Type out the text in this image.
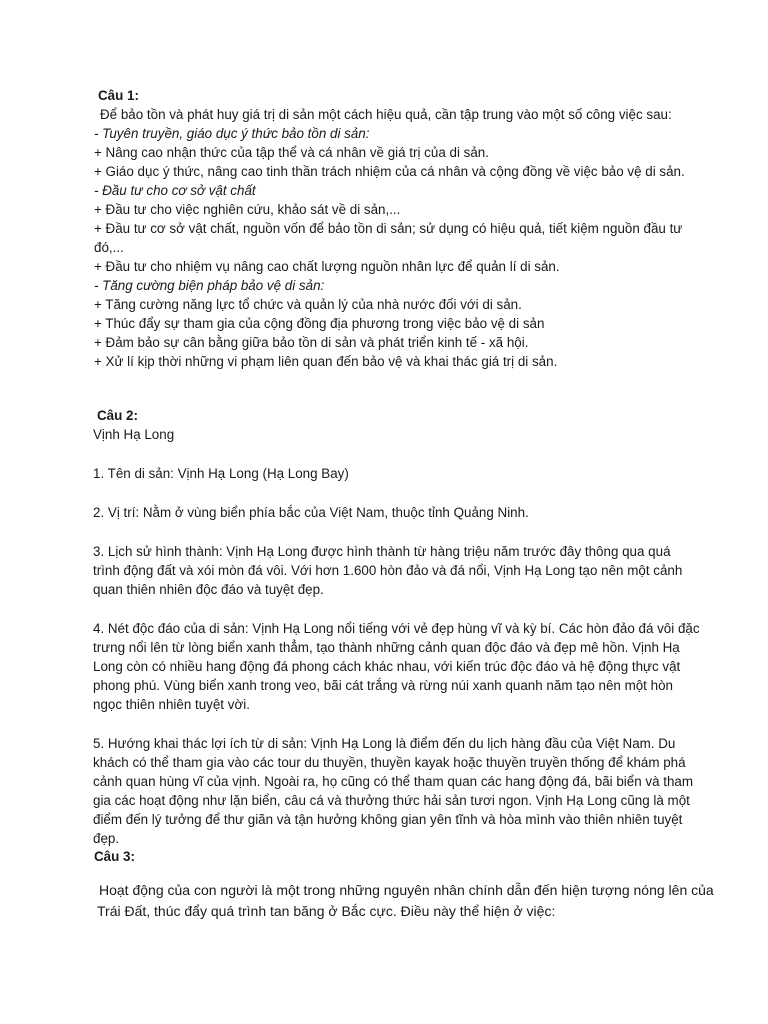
Câu 1:
Để bảo tồn và phát huy giá trị di sản một cách hiệu quả, cần tập trung vào một số công việc sau:
- Tuyên truyền, giáo dục ý thức bảo tồn di sản:
+ Nâng cao nhận thức của tập thể và cá nhân về giá trị của di sản.
+ Giáo dục ý thức, nâng cao tinh thần trách nhiệm của cá nhân và cộng đồng về việc bảo vệ di sản.
- Đầu tư cho cơ sở vật chất
+ Đầu tư cho việc nghiên cứu, khảo sát về di sản,...
+ Đầu tư cơ sở vật chất, nguồn vốn để bảo tồn di sản; sử dụng có hiệu quả, tiết kiệm nguồn đầu tư
đó,...
+ Đầu tư cho nhiệm vụ nâng cao chất lượng nguồn nhân lực để quản lí di sản.
- Tăng cường biện pháp bảo vệ di sản:
+ Tăng cường năng lực tổ chức và quản lý của nhà nước đối với di sản.
+ Thúc đẩy sự tham gia của cộng đồng địa phương trong việc bảo vệ di sản
+ Đảm bảo sự cân bằng giữa bảo tồn di sản và phát triển kinh tế - xã hội.
+ Xử lí kịp thời những vi phạm liên quan đến bảo vệ và khai thác giá trị di sản.
Câu 2:
Vịnh Hạ Long
1. Tên di sản: Vịnh Hạ Long (Hạ Long Bay)
2. Vị trí: Nằm ở vùng biển phía bắc của Việt Nam, thuộc tỉnh Quảng Ninh.
3. Lịch sử hình thành: Vịnh Hạ Long được hình thành từ hàng triệu năm trước đây thông qua quá
trình động đất và xói mòn đá vôi. Với hơn 1.600 hòn đảo và đá nổi, Vịnh Hạ Long tạo nên một cảnh
quan thiên nhiên độc đáo và tuyệt đẹp.
4. Nét độc đáo của di sản: Vịnh Hạ Long nổi tiếng với vẻ đẹp hùng vĩ và kỳ bí. Các hòn đảo đá vôi đặc
trưng nổi lên từ lòng biển xanh thẳm, tạo thành những cảnh quan độc đáo và đẹp mê hồn. Vịnh Hạ
Long còn có nhiều hang động đá phong cách khác nhau, với kiến trúc độc đáo và hệ động thực vật
phong phú. Vùng biển xanh trong veo, bãi cát trắng và rừng núi xanh quanh năm tạo nên một hòn
ngọc thiên nhiên tuyệt vời.
5. Hướng khai thác lợi ích từ di sản: Vịnh Hạ Long là điểm đến du lịch hàng đầu của Việt Nam. Du
khách có thể tham gia vào các tour du thuyền, thuyền kayak hoặc thuyền truyền thống để khám phá
cảnh quan hùng vĩ của vịnh. Ngoài ra, họ cũng có thể tham quan các hang động đá, bãi biển và tham
gia các hoạt động như lặn biển, câu cá và thưởng thức hải sản tươi ngon. Vịnh Hạ Long cũng là một
điểm đến lý tưởng để thư giãn và tận hưởng không gian yên tĩnh và hòa mình vào thiên nhiên tuyệt
đẹp.
Câu 3:
Hoạt động của con người là một trong những nguyên nhân chính dẫn đến hiện tượng nóng lên của
Trái Đất, thúc đẩy quá trình tan băng ở Bắc cực. Điều này thể hiện ở việc:
